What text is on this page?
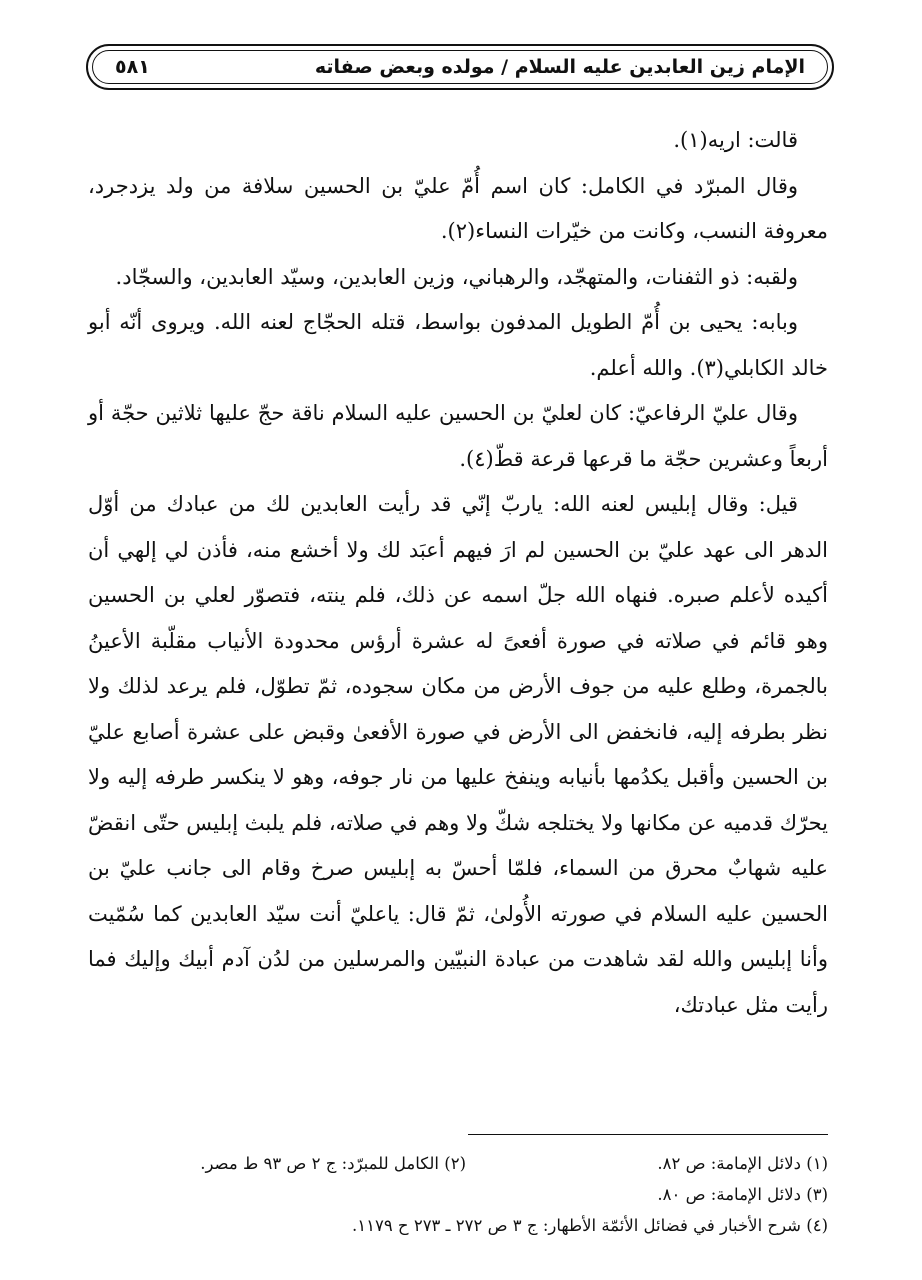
الإمام زين العابدين عليه السلام / مولده وبعض صفاته
٥٨١

قالت: اريه(١).

وقال المبرّد في الكامل: كان اسم أُمّ عليّ بن الحسين سلافة من ولد يزدجرد، معروفة النسب، وكانت من خيّرات النساء(٢).

ولقبه: ذو الثفنات، والمتهجّد، والرهباني، وزين العابدين، وسيّد العابدين، والسجّاد.

وبابه: يحيى بن أُمّ الطويل المدفون بواسط، قتله الحجّاج لعنه الله. ويروى أنّه أبو خالد الكابلي(٣). والله أعلم.

وقال عليّ الرفاعيّ: كان لعليّ بن الحسين عليه السلام ناقة حجّ عليها ثلاثين حجّة أو أربعاً وعشرين حجّة ما قرعها قرعة قطّ(٤).

قيل: وقال إبليس لعنه الله: ياربّ إنّي قد رأيت العابدين لك من عبادك من أوّل الدهر الى عهد عليّ بن الحسين لم ارَ فيهم أعبَد لك ولا أخشع منه، فأذن لي إلهي أن أكيده لأعلم صبره. فنهاه الله جلّ اسمه عن ذلك، فلم ينته، فتصوّر لعلي بن الحسين وهو قائم في صلاته في صورة أفعىً له عشرة أرؤس محدودة الأنياب مقلّبة الأعينُ بالجمرة، وطلع عليه من جوف الأرض من مكان سجوده، ثمّ تطوّل، فلم يرعد لذلك ولا نظر بطرفه إليه، فانخفض الى الأرض في صورة الأفعىٰ وقبض على عشرة أصابع عليّ بن الحسين وأقبل يكدُمها بأنيابه وينفخ عليها من نار جوفه، وهو لا ينكسر طرفه إليه ولا يحرّك قدميه عن مكانها ولا يختلجه شكّ ولا وهم في صلاته، فلم يلبث إبليس حتّى انقضّ عليه شهابٌ محرق من السماء، فلمّا أحسّ به إبليس صرخ وقام الى جانب عليّ بن الحسين عليه السلام في صورته الأُولىٰ، ثمّ قال: ياعليّ أنت سيّد العابدين كما سُمّيت وأنا إبليس والله لقد شاهدت من عبادة النبيّين والمرسلين من لدُن آدم أبيك وإليك فما رأيت مثل عبادتك،

(١) دلائل الإمامة: ص ٨٢.
(٢) الكامل للمبرّد: ج ٢ ص ٩٣ ط مصر.
(٣) دلائل الإمامة: ص ٨٠.
(٤) شرح الأخبار في فضائل الأئمّة الأطهار: ج ٣ ص ٢٧٢ ـ ٢٧٣ ح ١١٧٩.
